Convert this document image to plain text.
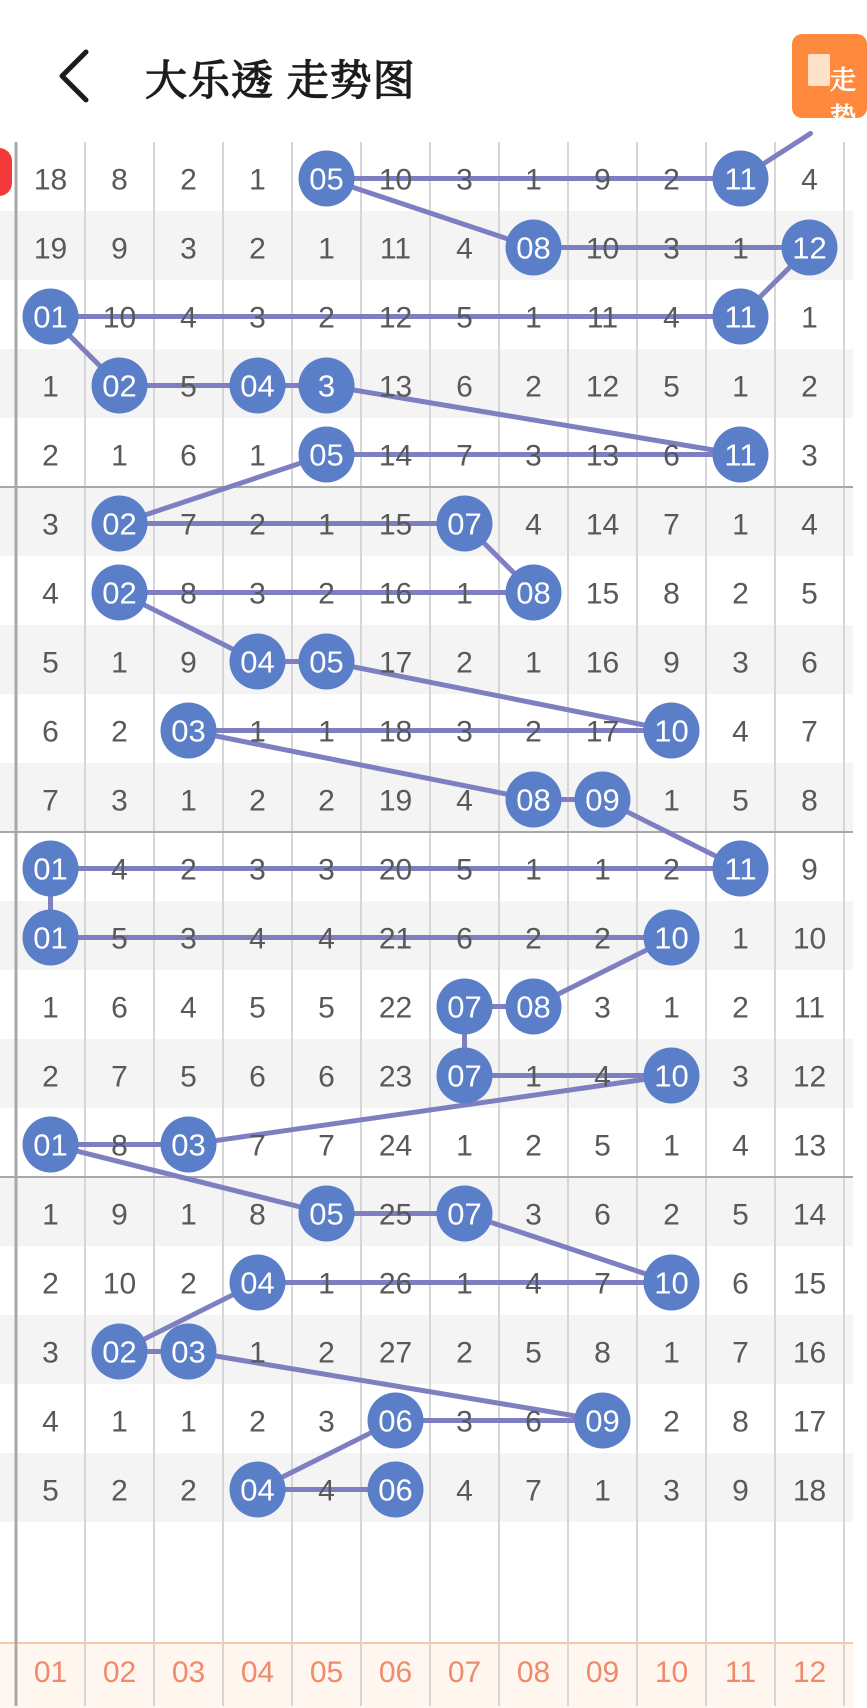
大乐透 走势图	走势
18 8 2 1 05 10 3 1 9 2 11 4
19 9 3 2 1 11 4 08 10 3 1 12
01 10 4 3 2 12 5 1 11 4 11 1
1 02 5 04 3 13 6 2 12 5 1 2
2 1 6 1 05 14 7 3 13 6 11 3
3 02 7 2 1 15 07 4 14 7 1 4
4 02 8 3 2 16 1 08 15 8 2 5
5 1 9 04 05 17 2 1 16 9 3 6
6 2 03 1 1 18 3 2 17 10 4 7
7 3 1 2 2 19 4 08 09 1 5 8
01 4 2 3 3 20 5 1 1 2 11 9
01 5 3 4 4 21 6 2 2 10 1 10
1 6 4 5 5 22 07 08 3 1 2 11
2 7 5 6 6 23 07 1 4 10 3 12
01 8 03 7 7 24 1 2 5 1 4 13
1 9 1 8 05 25 07 3 6 2 5 14
2 10 2 04 1 26 1 4 7 10 6 15
3 02 03 1 2 27 2 5 8 1 7 16
4 1 1 2 3 06 3 6 09 2 8 17
5 2 2 04 4 06 4 7 1 3 9 18
01 02 03 04 05 06 07 08 09 10 11 12
